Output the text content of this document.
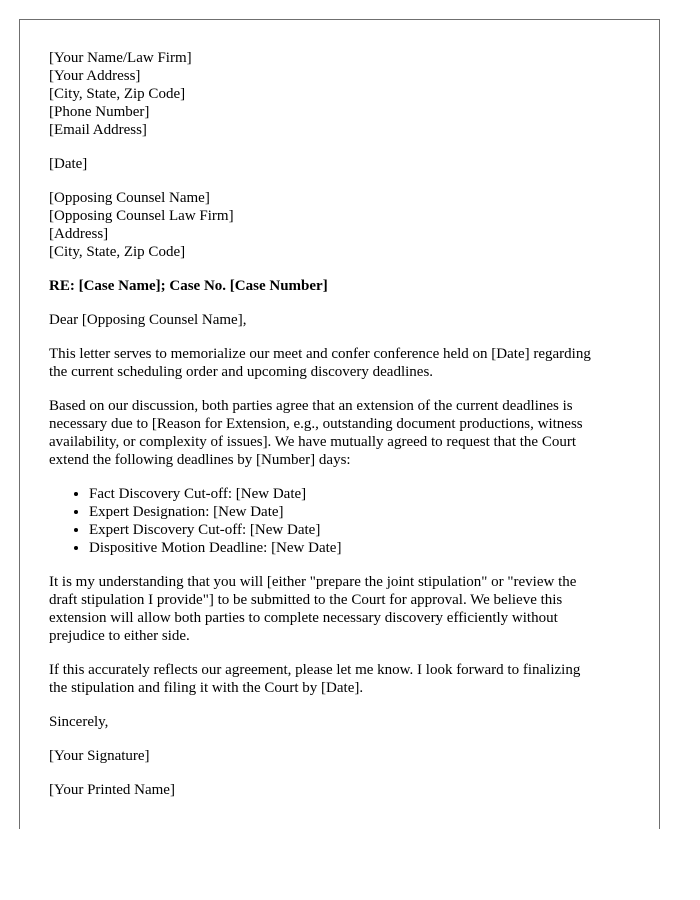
[Your Name/Law Firm]
[Your Address]
[City, State, Zip Code]
[Phone Number]
[Email Address]
[Date]
[Opposing Counsel Name]
[Opposing Counsel Law Firm]
[Address]
[City, State, Zip Code]
RE: [Case Name]; Case No. [Case Number]
Dear [Opposing Counsel Name],

This letter serves to memorialize our meet and confer conference held on [Date] regarding
the current scheduling order and upcoming discovery deadlines.

Based on our discussion, both parties agree that an extension of the current deadlines is
necessary due to [Reason for Extension, e.g., outstanding document productions, witness
availability, or complexity of issues]. We have mutually agreed to request that the Court
extend the following deadlines by [Number] days:

• Fact Discovery Cut-off: [New Date]
• Expert Designation: [New Date]
• Expert Discovery Cut-off: [New Date]
• Dispositive Motion Deadline: [New Date]

It is my understanding that you will [either "prepare the joint stipulation" or "review the
draft stipulation I provide"] to be submitted to the Court for approval. We believe this
extension will allow both parties to complete necessary discovery efficiently without
prejudice to either side.

If this accurately reflects our agreement, please let me know. I look forward to finalizing
the stipulation and filing it with the Court by [Date].

Sincerely,
[Your Signature]
[Your Printed Name]
